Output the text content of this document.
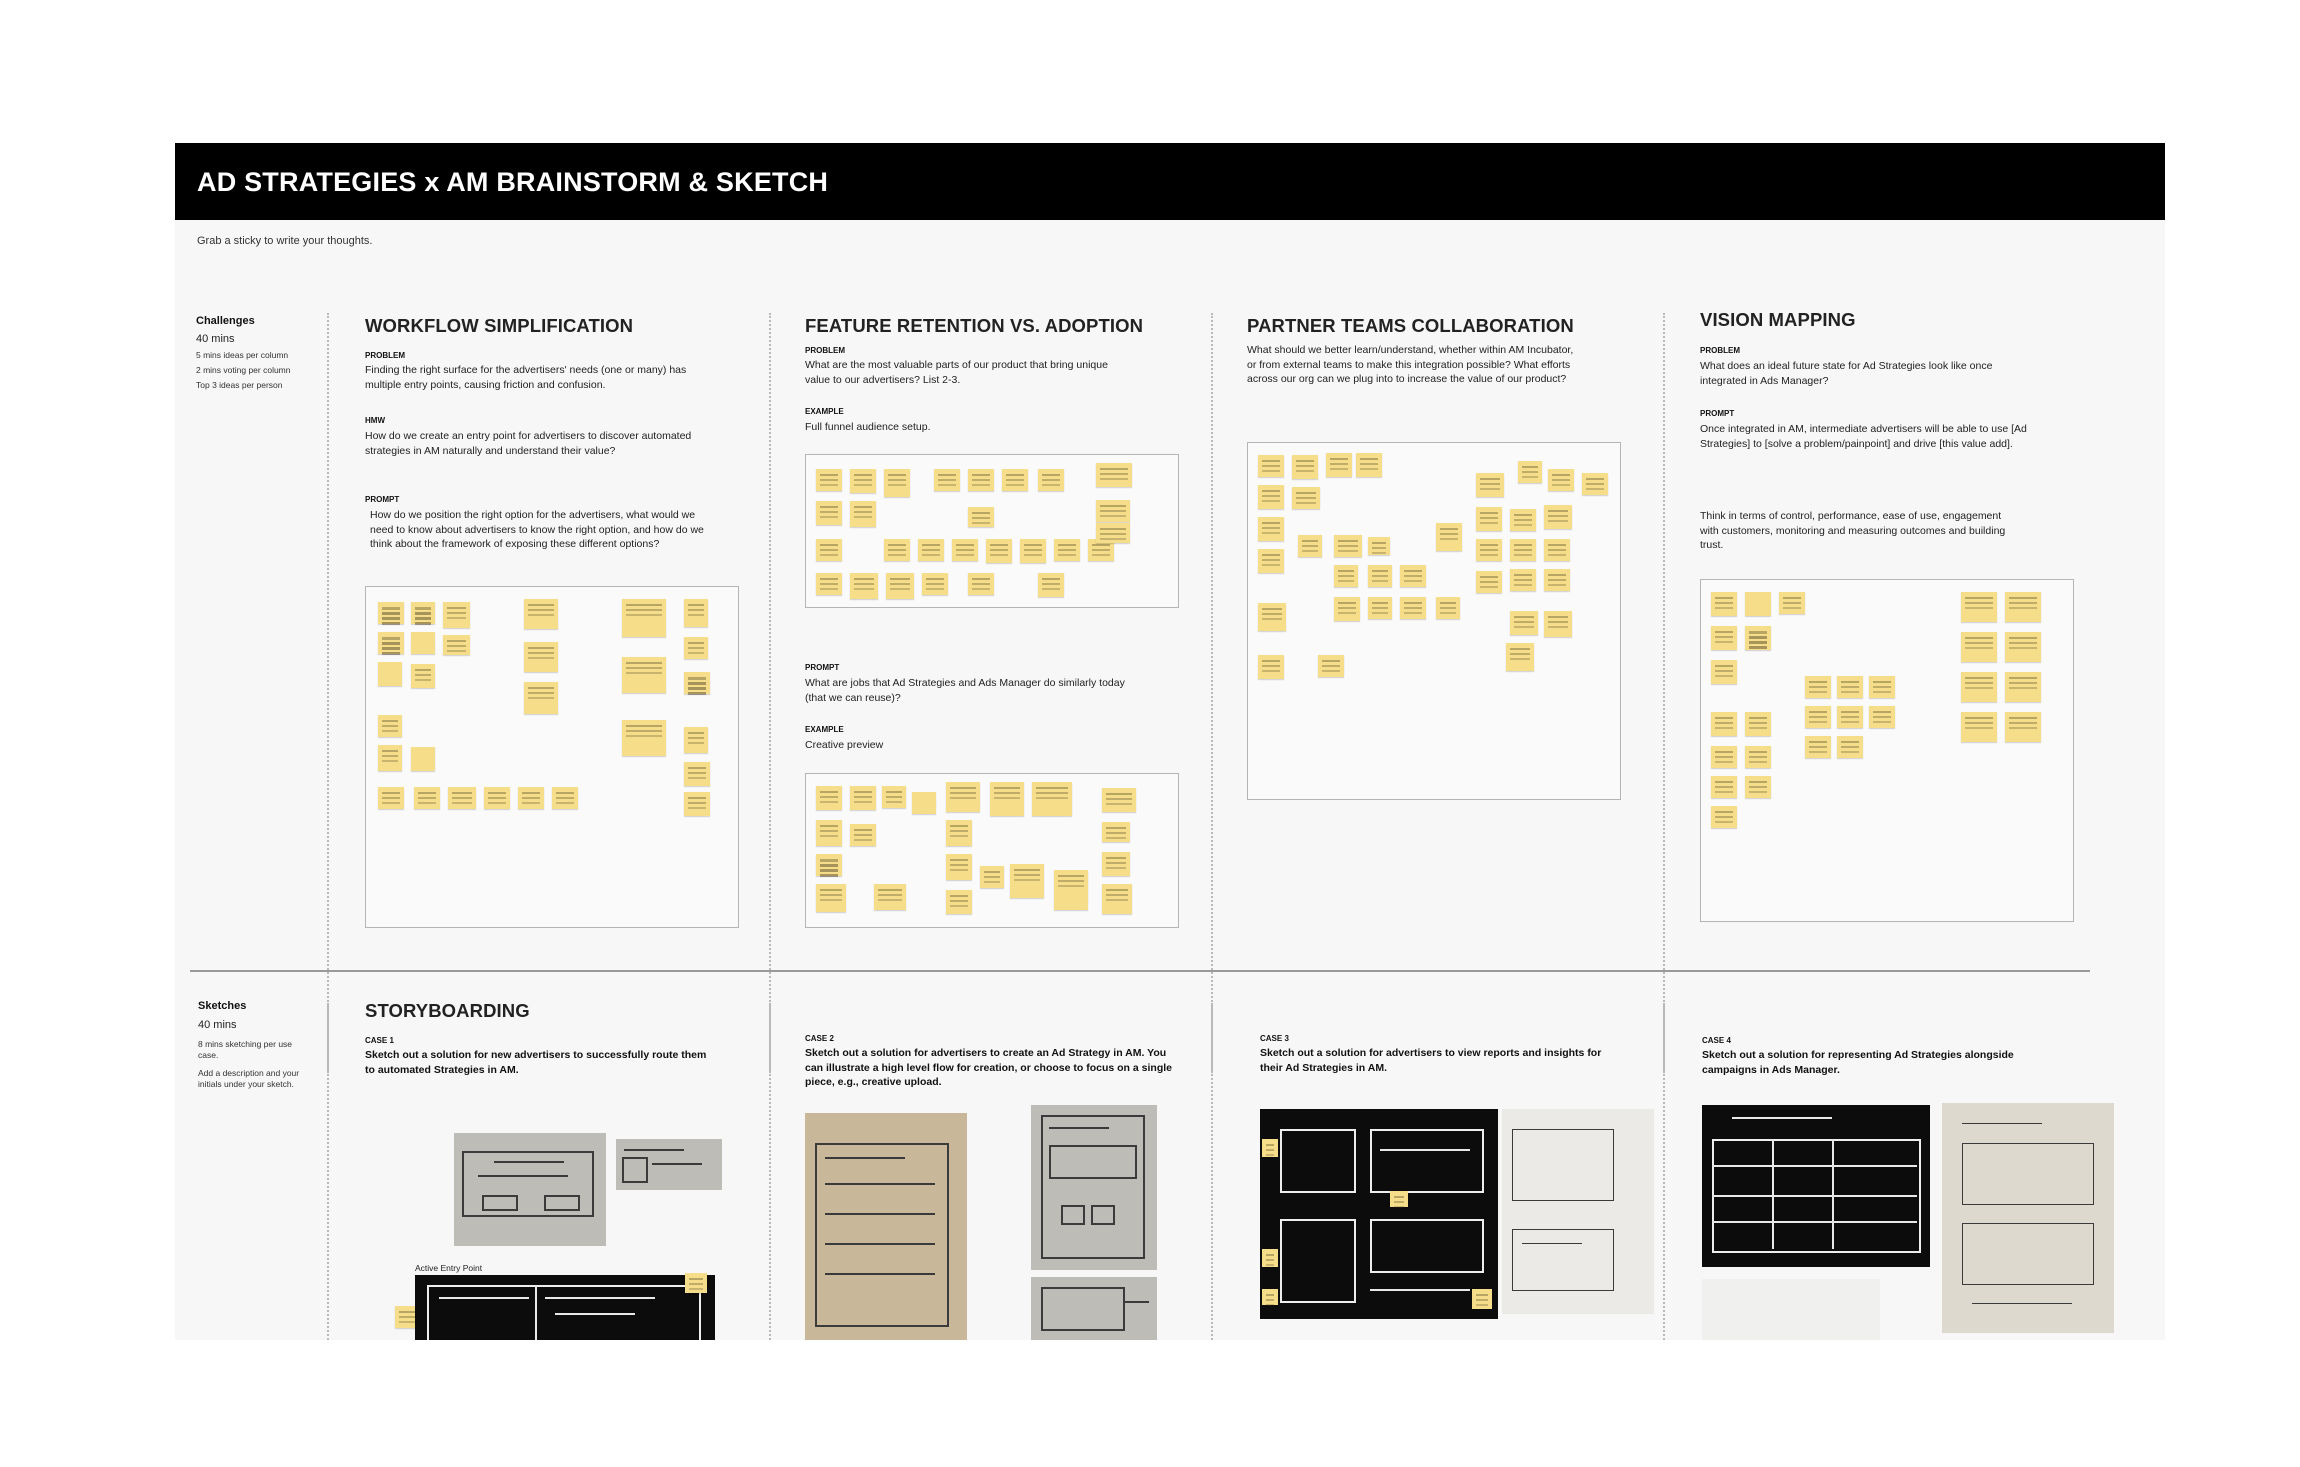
AD STRATEGIES x AM BRAINSTORM & SKETCH
Grab a sticky to write your thoughts.
Challenges
40 mins
5 mins ideas per column
2 mins voting per column
Top 3 ideas per person
WORKFLOW SIMPLIFICATION
PROBLEM
Finding the right surface for the advertisers' needs (one or many) has multiple entry points, causing friction and confusion.
HMW
How do we create an entry point for advertisers to discover automated strategies in AM naturally and understand their value?
PROMPT
How do we position the right option for the advertisers, what would we need to know about advertisers to know the right option, and how do we think about the framework of exposing these different options?
FEATURE RETENTION VS. ADOPTION
PROBLEM
What are the most valuable parts of our product that bring unique value to our advertisers? List 2-3.
EXAMPLE
Full funnel audience setup.
PROMPT
What are jobs that Ad Strategies and Ads Manager do similarly today (that we can reuse)?
EXAMPLE
Creative preview
PARTNER TEAMS COLLABORATION
What should we better learn/understand, whether within AM Incubator, or from external teams to make this integration possible? What efforts across our org can we plug into to increase the value of our product?
VISION MAPPING
PROBLEM
What does an ideal future state for Ad Strategies look like once integrated in Ads Manager?
PROMPT
Once integrated in AM, intermediate advertisers will be able to use [Ad Strategies] to [solve a problem/painpoint] and drive [this value add].
Think in terms of control, performance, ease of use, engagement with customers, monitoring and measuring outcomes and building trust.
Sketches
40 mins
8 mins sketching per use case.
Add a description and your initials under your sketch.
STORYBOARDING
CASE 1
Sketch out a solution for new advertisers to successfully route them to automated Strategies in AM.
Active Entry Point
CASE 2
Sketch out a solution for advertisers to create an Ad Strategy in AM. You can illustrate a high level flow for creation, or choose to focus on a single piece, e.g., creative upload.
CASE 3
Sketch out a solution for advertisers to view reports and insights for their Ad Strategies in AM.
CASE 4
Sketch out a solution for representing Ad Strategies alongside campaigns in Ads Manager.
